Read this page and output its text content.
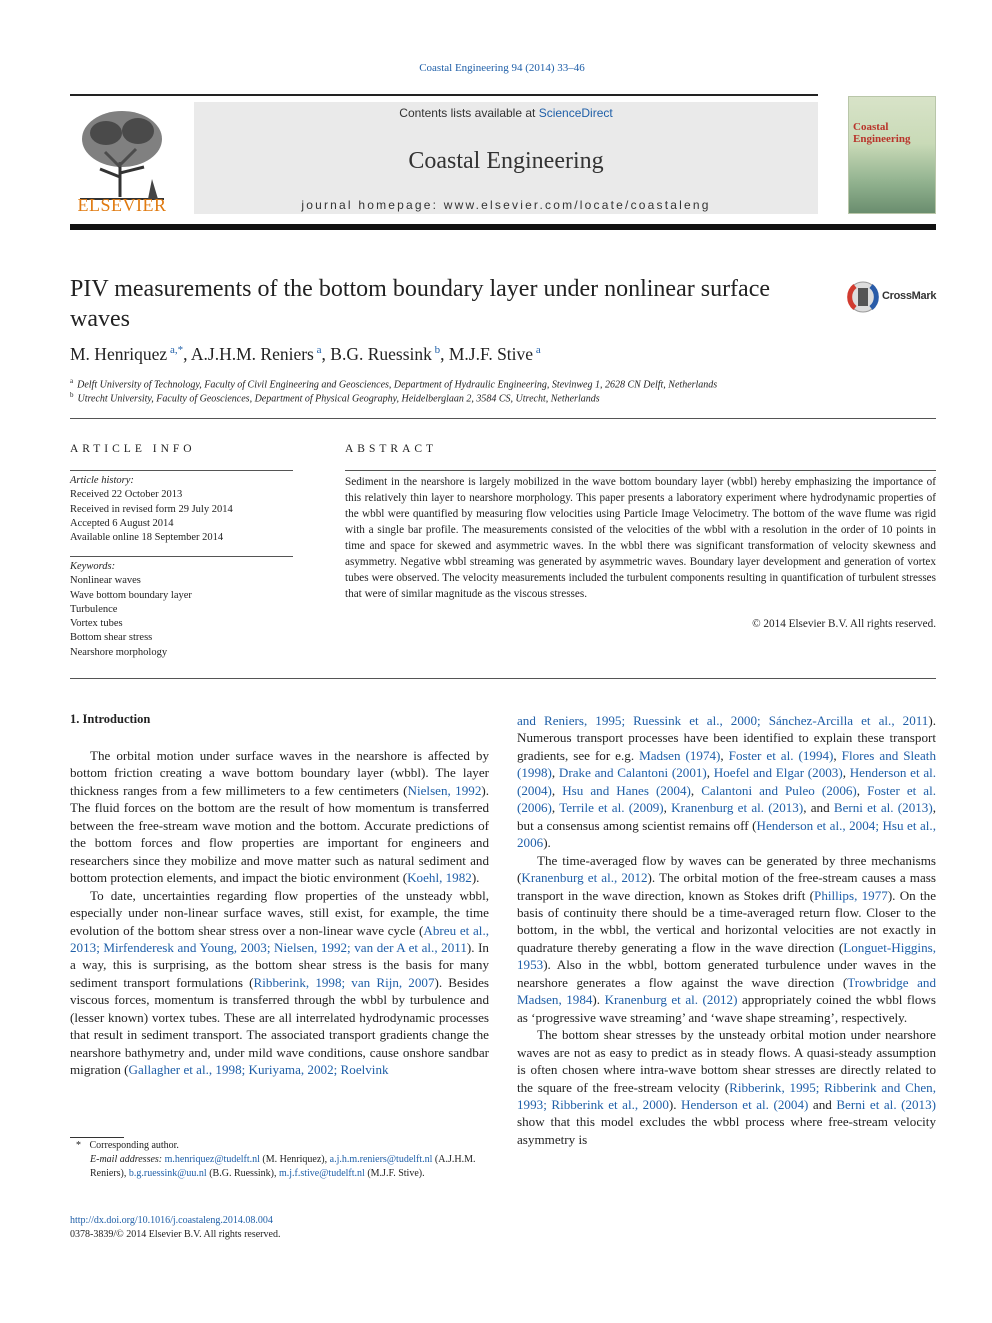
Coastal Engineering 94 (2014) 33–46
ELSEVIER
Contents lists available at ScienceDirect
Coastal Engineering
journal homepage: www.elsevier.com/locate/coastaleng
Coastal Engineering
PIV measurements of the bottom boundary layer under nonlinear surface waves
CrossMark
M. Henriquez $^{a,*}$, A.J.H.M. Reniers $^a$, B.G. Ruessink $^b$, M.J.F. Stive $^a$
$^a$ Delft University of Technology, Faculty of Civil Engineering and Geosciences, Department of Hydraulic Engineering, Stevinweg 1, 2628 CN Delft, Netherlands
$^b$ Utrecht University, Faculty of Geosciences, Department of Physical Geography, Heidelberglaan 2, 3584 CS, Utrecht, Netherlands
ARTICLE INFO	ABSTRACT
Article history:
Received 22 October 2013
Received in revised form 29 July 2014
Accepted 6 August 2014
Available online 18 September 2014
Keywords:
Nonlinear waves
Wave bottom boundary layer
Turbulence
Vortex tubes
Bottom shear stress
Nearshore morphology
Sediment in the nearshore is largely mobilized in the wave bottom boundary layer (wbbl) hereby emphasizing the importance of this relatively thin layer to nearshore morphology. This paper presents a laboratory experiment where hydrodynamic properties of the wbbl were quantified by measuring flow velocities using Particle Image Velocimetry. The bottom of the wave flume was rigid with a single bar profile. The measurements consisted of the velocities of the wbbl with a resolution in the order of 10 points in time and space for skewed and asymmetric waves. In the wbbl there was significant transformation of velocity skewness and asymmetry. Negative wbbl streaming was generated by asymmetric waves. Boundary layer development and generation of vortex tubes were observed. The velocity measurements included the turbulent components resulting in quantification of turbulent stresses that were of similar magnitude as the viscous stresses.
© 2014 Elsevier B.V. All rights reserved.
1. Introduction

The orbital motion under surface waves in the nearshore is affected by bottom friction creating a wave bottom boundary layer (wbbl). The layer thickness ranges from a few millimeters to a few centimeters (Nielsen, 1992). The fluid forces on the bottom are the result of how momentum is transferred between the free-stream wave motion and the bottom. Accurate predictions of the bottom forces and flow properties are important for engineers and researchers since they mobilize and move matter such as natural sediment and bottom protection elements, and impact the biotic environment (Koehl, 1982).

To date, uncertainties regarding flow properties of the unsteady wbbl, especially under non-linear surface waves, still exist, for example, the time evolution of the bottom shear stress over a non-linear wave cycle (Abreu et al., 2013; Mirfenderesk and Young, 2003; Nielsen, 1992; van der A et al., 2011). In a way, this is surprising, as the bottom shear stress is the basis for many sediment transport formulations (Ribberink, 1998; van Rijn, 2007). Besides viscous forces, momentum is transferred through the wbbl by turbulence and (lesser known) vortex tubes. These are all interrelated hydrodynamic processes that result in sediment transport. The associated transport gradients change the nearshore bathymetry and, under mild wave conditions, cause onshore sandbar migration (Gallagher et al., 1998; Kuriyama, 2002; Roelvink

and Reniers, 1995; Ruessink et al., 2000; Sánchez-Arcilla et al., 2011). Numerous transport processes have been identified to explain these transport gradients, see for e.g. Madsen (1974), Foster et al. (1994), Flores and Sleath (1998), Drake and Calantoni (2001), Hoefel and Elgar (2003), Henderson et al. (2004), Hsu and Hanes (2004), Calantoni and Puleo (2006), Foster et al. (2006), Terrile et al. (2009), Kranenburg et al. (2013), and Berni et al. (2013), but a consensus among scientist remains off (Henderson et al., 2004; Hsu et al., 2006).

The time-averaged flow by waves can be generated by three mechanisms (Kranenburg et al., 2012). The orbital motion of the free-stream causes a mass transport in the wave direction, known as Stokes drift (Phillips, 1977). On the basis of continuity there should be a time-averaged return flow. Closer to the bottom, in the wbbl, the vertical and horizontal velocities are not exactly in quadrature thereby generating a flow in the wave direction (Longuet-Higgins, 1953). Also in the wbbl, bottom generated turbulence under waves in the nearshore generates a flow against the wave direction (Trowbridge and Madsen, 1984). Kranenburg et al. (2012) appropriately coined the wbbl flows as ‘progressive wave streaming’ and ‘wave shape streaming’, respectively.

The bottom shear stresses by the unsteady orbital motion under nearshore waves are not as easy to predict as in steady flows. A quasi-steady assumption is often chosen where intra-wave bottom shear stresses are directly related to the square of the free-stream velocity (Ribberink, 1995; Ribberink and Chen, 1993; Ribberink et al., 2000). Henderson et al. (2004) and Berni et al. (2013) show that this model excludes the wbbl process where free-stream velocity asymmetry is

* Corresponding author.
E-mail addresses: m.henriquez@tudelft.nl (M. Henriquez), a.j.h.m.reniers@tudelft.nl (A.J.H.M. Reniers), b.g.ruessink@uu.nl (B.G. Ruessink), m.j.f.stive@tudelft.nl (M.J.F. Stive).
http://dx.doi.org/10.1016/j.coastaleng.2014.08.004
0378-3839/© 2014 Elsevier B.V. All rights reserved.
